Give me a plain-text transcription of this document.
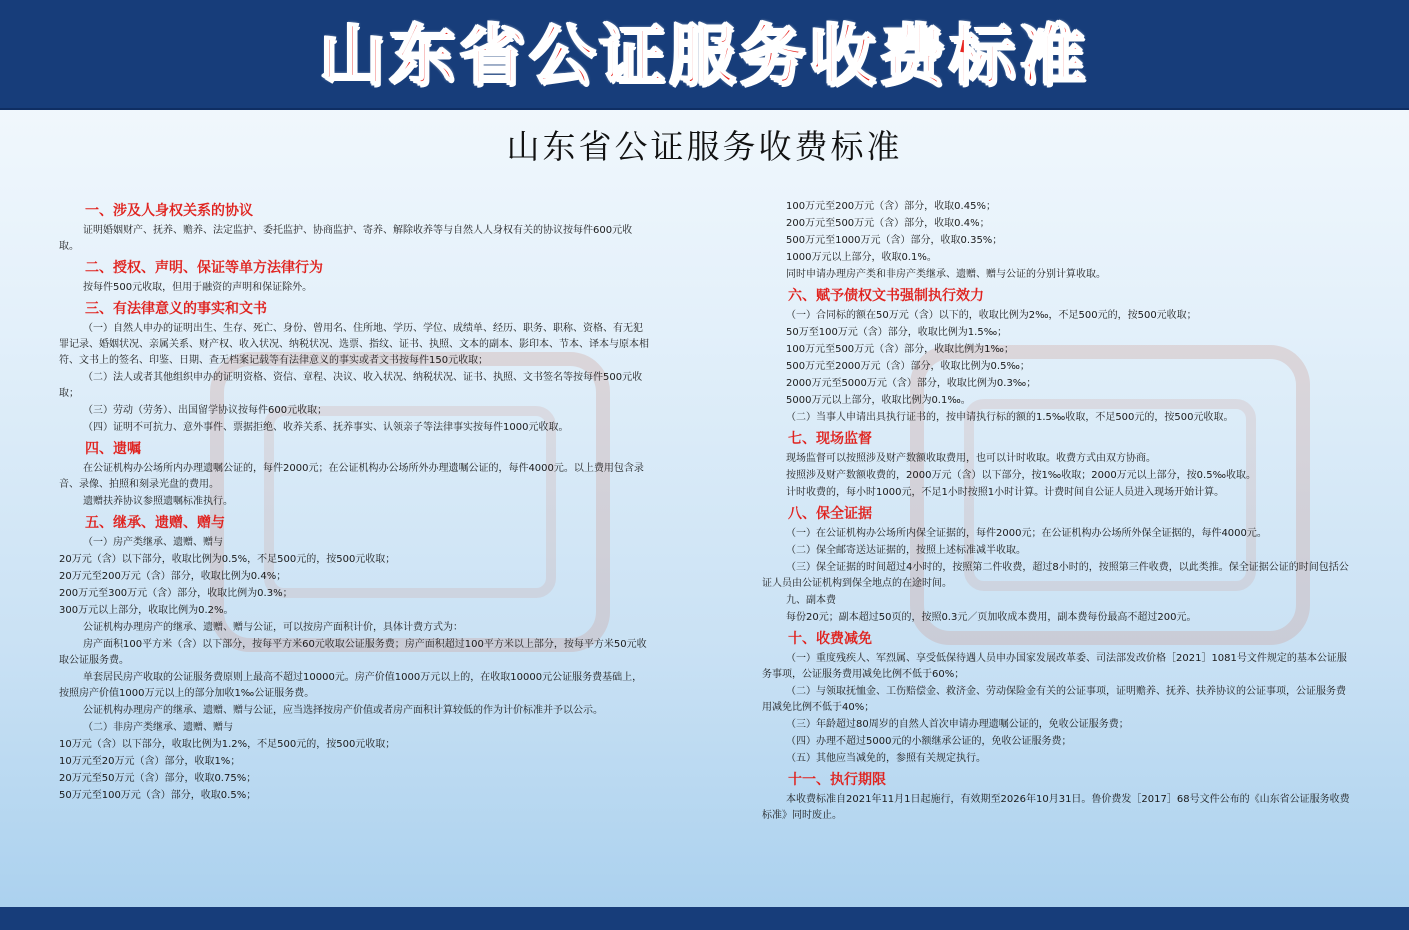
山东省公证服务收费标准
山东省公证服务收费标准
一、涉及人身权关系的协议
证明婚姻财产、抚养、赡养、法定监护、委托监护、协商监护、寄养、解除收养等与自然人人身权有关的协议按每件600元收取。
二、授权、声明、保证等单方法律行为
按每件500元收取，但用于融资的声明和保证除外。
三、有法律意义的事实和文书
（一）自然人申办的证明出生、生存、死亡、身份、曾用名、住所地、学历、学位、成绩单、经历、职务、职称、资格、有无犯罪记录、婚姻状况、亲属关系、财产权、收入状况、纳税状况、选票、指纹、证书、执照、文本的副本、影印本、节本、译本与原本相符、文书上的签名、印鉴、日期、查无档案记载等有法律意义的事实或者文书按每件150元收取；
（二）法人或者其他组织申办的证明资格、资信、章程、决议、收入状况、纳税状况、证书、执照、文书签名等按每件500元收取；
（三）劳动（劳务）、出国留学协议按每件600元收取；
（四）证明不可抗力、意外事件、票据拒绝、收养关系、抚养事实、认领亲子等法律事实按每件1000元收取。
四、遗嘱
在公证机构办公场所内办理遗嘱公证的，每件2000元；在公证机构办公场所外办理遗嘱公证的，每件4000元。以上费用包含录音、录像、拍照和刻录光盘的费用。
遗赠扶养协议参照遗嘱标准执行。
五、继承、遗赠、赠与
（一）房产类继承、遗赠、赠与
20万元（含）以下部分，收取比例为0.5%，不足500元的，按500元收取；
20万元至200万元（含）部分，收取比例为0.4%；
200万元至300万元（含）部分，收取比例为0.3%；
300万元以上部分，收取比例为0.2%。
公证机构办理房产的继承、遗赠、赠与公证，可以按房产面积计价，具体计费方式为：
房产面积100平方米（含）以下部分，按每平方米60元收取公证服务费；房产面积超过100平方米以上部分，按每平方米50元收取公证服务费。
单套居民房产收取的公证服务费原则上最高不超过10000元。房产价值1000万元以上的，在收取10000元公证服务费基础上，按照房产价值1000万元以上的部分加收1‰公证服务费。
公证机构办理房产的继承、遗赠、赠与公证，应当选择按房产价值或者房产面积计算较低的作为计价标准并予以公示。
（二）非房产类继承、遗赠、赠与
10万元（含）以下部分，收取比例为1.2%，不足500元的，按500元收取；
10万元至20万元（含）部分，收取1%；
20万元至50万元（含）部分，收取0.75%；
50万元至100万元（含）部分，收取0.5%；
100万元至200万元（含）部分，收取0.45%；
200万元至500万元（含）部分，收取0.4%；
500万元至1000万元（含）部分，收取0.35%；
1000万元以上部分，收取0.1%。
同时申请办理房产类和非房产类继承、遗赠、赠与公证的分别计算收取。
六、赋予债权文书强制执行效力
（一）合同标的额在50万元（含）以下的，收取比例为2‰，不足500元的，按500元收取；
50万至100万元（含）部分，收取比例为1.5‰；
100万元至500万元（含）部分，收取比例为1‰；
500万元至2000万元（含）部分，收取比例为0.5‰；
2000万元至5000万元（含）部分，收取比例为0.3‰；
5000万元以上部分，收取比例为0.1‰。
（二）当事人申请出具执行证书的，按申请执行标的额的1.5‰收取，不足500元的，按500元收取。
七、现场监督
现场监督可以按照涉及财产数额收取费用，也可以计时收取。收费方式由双方协商。
按照涉及财产数额收费的，2000万元（含）以下部分，按1‰收取；2000万元以上部分，按0.5‰收取。
计时收费的，每小时1000元，不足1小时按照1小时计算。计费时间自公证人员进入现场开始计算。
八、保全证据
（一）在公证机构办公场所内保全证据的，每件2000元；在公证机构办公场所外保全证据的，每件4000元。
（二）保全邮寄送达证据的，按照上述标准减半收取。
（三）保全证据的时间超过4小时的，按照第二件收费，超过8小时的，按照第三件收费，以此类推。保全证据公证的时间包括公证人员由公证机构到保全地点的在途时间。
九、副本费
每份20元；副本超过50页的，按照0.3元／页加收成本费用，副本费每份最高不超过200元。
十、收费减免
（一）重度残疾人、军烈属、享受低保待遇人员申办国家发展改革委、司法部发改价格［2021］1081号文件规定的基本公证服务事项，公证服务费用减免比例不低于60%；
（二）与领取抚恤金、工伤赔偿金、救济金、劳动保险金有关的公证事项，证明赡养、抚养、扶养协议的公证事项，公证服务费用减免比例不低于40%；
（三）年龄超过80周岁的自然人首次申请办理遗嘱公证的，免收公证服务费；
（四）办理不超过5000元的小额继承公证的，免收公证服务费；
（五）其他应当减免的，参照有关规定执行。
十一、执行期限
本收费标准自2021年11月1日起施行，有效期至2026年10月31日。鲁价费发［2017］68号文件公布的《山东省公证服务收费标准》同时废止。
